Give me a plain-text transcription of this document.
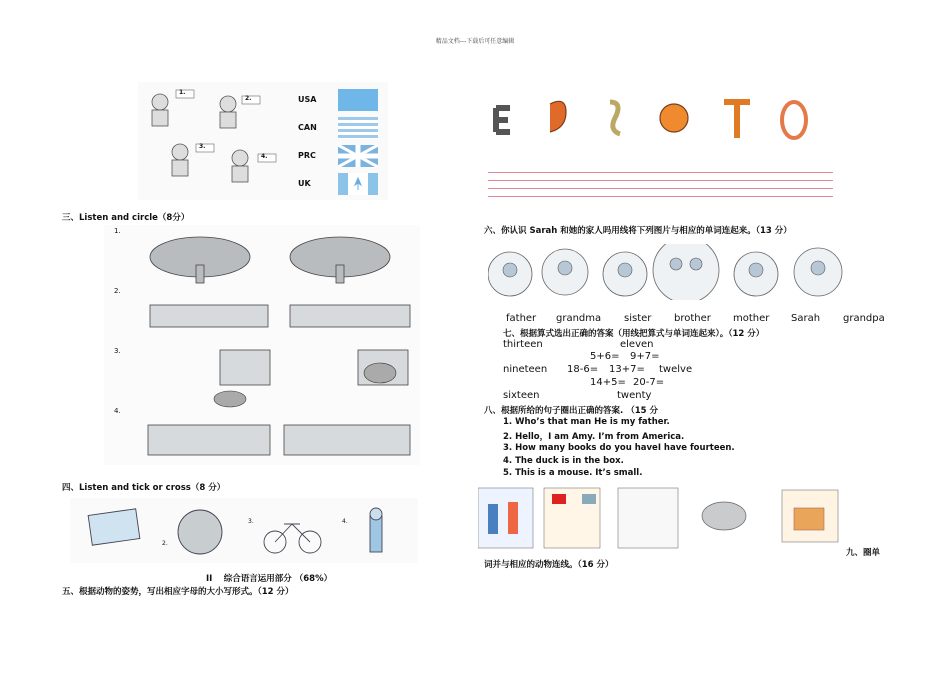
精品文档---下载后可任意编辑
1.
2.
3.
4.
USA
CAN
PRC
UK
三、Listen and circle（8分）
1.
2.
3.
4.
四、Listen and tick or cross（8 分）
2.
3.	4.
II 　综合语言运用部分 （68%）
五、根据动物的姿势，写出相应字母的大小写形式。（12 分）
六、你认识 Sarah 和她的家人吗用线将下列图片与相应的单词连起来。（13 分）
father grandma sister brother mother Sarah grandpa
七、根据算式选出正确的答案（用线把算式与单词连起来）。（12 分）
thirteen	eleven
5+6= 9+7=
nineteen 18-6= 13+7= twelve
14+5= 20-7=
sixteen	twenty
八、根据所给的句子圈出正确的答案. （15 分
1. Who’s that man He is my father.
2. Hello，I am Amy. I’m from America.
3. How many books do you haveI have fourteen.
4. The duck is in the box.
5. This is a mouse. It’s small.
九、圈单
词并与相应的动物连线。（16 分）
